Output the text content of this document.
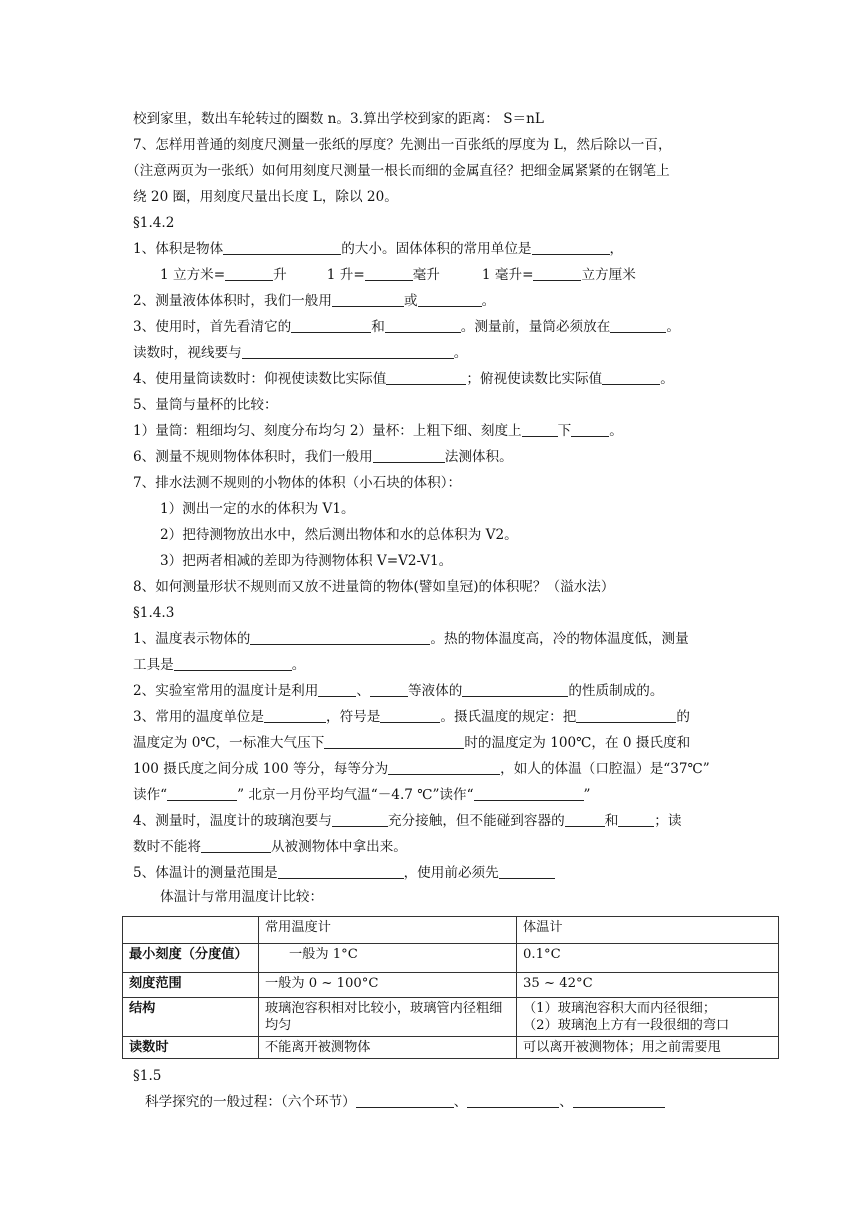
校到家里，数出车轮转过的圈数 n。3.算出学校到家的距离： S＝nL
7、怎样用普通的刻度尺测量一张纸的厚度？先测出一百张纸的厚度为 L，然后除以一百，
（注意两页为一张纸）如何用刻度尺测量一根长而细的金属直径？把细金属紧紧的在钢笔上
绕 20 圈，用刻度尺量出长度 L，除以 20。
§1.4.2
1、体积是物体	的大小。固体体积的常用单位是	，
1 立方米=	升	1 升=	毫升	1 毫升=	立方厘米
2、测量液体体积时，我们一般用	或	。
3、使用时，首先看清它的	和	。测量前，量筒必须放在	。
读数时，视线要与	。
4、使用量筒读数时：仰视使读数比实际值	；俯视使读数比实际值	。
5、量筒与量杯的比较：
1）量筒：粗细均匀、刻度分布均匀 2）量杯：上粗下细、刻度上	下	。
6、测量不规则物体体积时，我们一般用	法测体积。
7、排水法测不规则的小物体的体积（小石块的体积）：
1）测出一定的水的体积为 V1。
2）把待测物放出水中，然后测出物体和水的总体积为 V2。
3）把两者相减的差即为待测物体积 V=V2-V1。
8、如何测量形状不规则而又放不进量筒的物体(譬如皇冠)的体积呢？（溢水法）
§1.4.3
1、温度表示物体的	。热的物体温度高，冷的物体温度低，测量
工具是	。
2、实验室常用的温度计是利用	、	等液体的	的性质制成的。
3、常用的温度单位是	，符号是	。摄氏温度的规定：把	的
温度定为 0℃，一标准大气压下	时的温度定为 100℃，在 0 摄氏度和
100 摄氏度之间分成 100 等分，每等分为	，如人的体温（口腔温）是“37℃”
读作“	” 北京一月份平均气温“－4.7 ℃”读作“	”
4、测量时，温度计的玻璃泡要与	充分接触，但不能碰到容器的	和	；读
数时不能将	从被测物体中拿出来。
5、体温计的测量范围是	，使用前必须先
体温计与常用温度计比较：
	常用温度计	体温计
最小刻度（分度值）	一般为 1°C	0.1°C
刻度范围	一般为 0 ~ 100°C	35 ~ 42°C
结构	玻璃泡容积相对比较小，玻璃管内径粗细均匀	（1）玻璃泡容积大而内径很细；
（2）玻璃泡上方有一段很细的弯口

读数时	不能离开被测物体	可以离开被测物体；用之前需要甩
§1.5
科学探究的一般过程：（六个环节）	、	、
